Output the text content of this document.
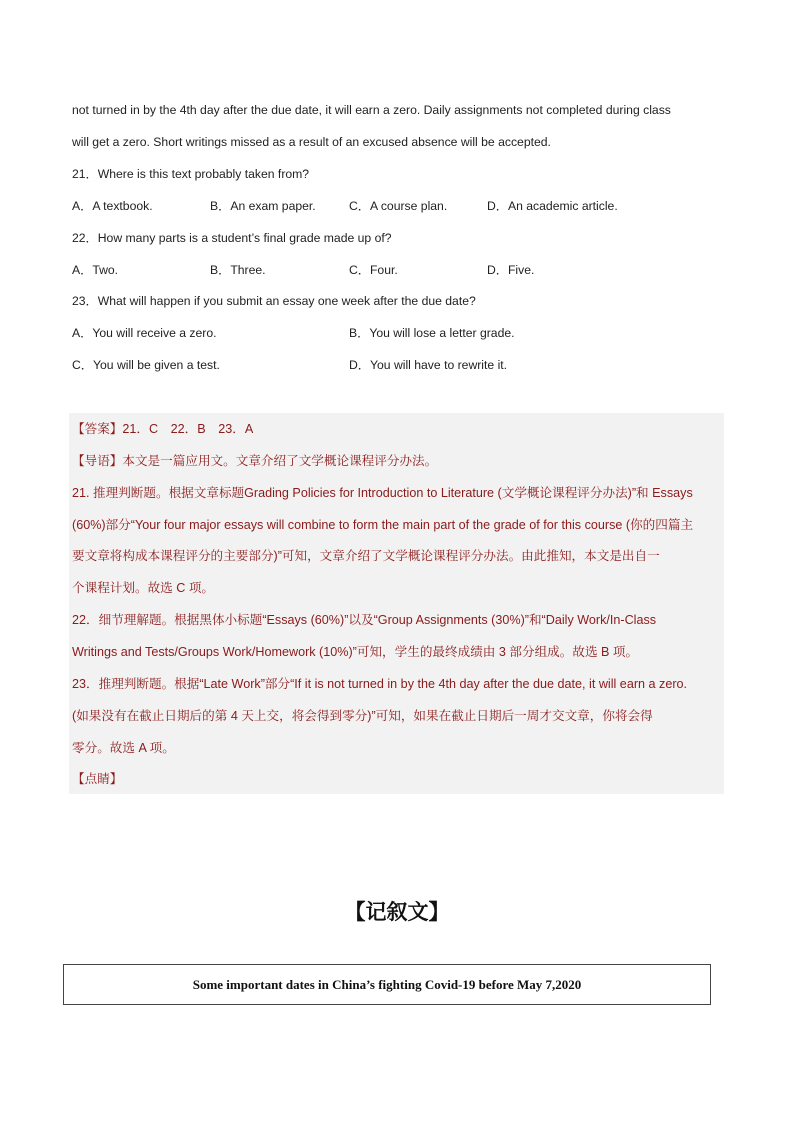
not turned in by the 4th day after the due date, it will earn a zero. Daily assignments not completed during class
will get a zero. Short writings missed as a result of an excused absence will be accepted.
21．Where is this text probably taken from?
A．A textbook.	B．An exam paper.	C．A course plan.	D．An academic article.
22．How many parts is a student’s final grade made up of?
A．Two.	B．Three.	C．Four.	D．Five.
23．What will happen if you submit an essay one week after the due date?
A．You will receive a zero.	B．You will lose a letter grade.
C．You will be given a test.	D．You will have to rewrite it.
【答案】21．C　22．B　23．A
【导语】本文是一篇应用文。文章介绍了文学概论课程评分办法。
21. 推理判断题。根据文章标题Grading Policies for Introduction to Literature (文学概论课程评分办法)”和 Essays
(60%)部分“Your four major essays will combine to form the main part of the grade of for this course (你的四篇主
要文章将构成本课程评分的主要部分)”可知，文章介绍了文学概论课程评分办法。由此推知，本文是出自一
个课程计划。故选 C 项。
22．细节理解题。根据黑体小标题“Essays (60%)”以及“Group Assignments (30%)”和“Daily Work/In-Class
Writings and Tests/Groups Work/Homework (10%)”可知，学生的最终成绩由 3 部分组成。故选 B 项。
23．推理判断题。根据“Late Work”部分“If it is not turned in by the 4th day after the due date, it will earn a zero.
(如果没有在截止日期后的第 4 天上交，将会得到零分)”可知，如果在截止日期后一周才交文章，你将会得
零分。故选 A 项。
【点睛】
【记叙文】
Some important dates in China’s fighting Covid-19 before May 7,2020
